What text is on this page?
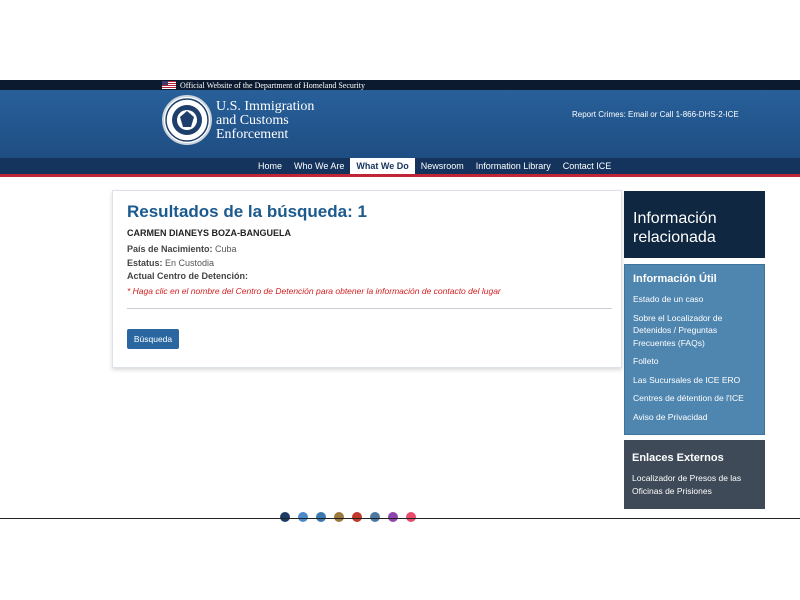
Official Website of the Department of Homeland Security
U.S. Immigration
and Customs
Enforcement
Report Crimes: Email or Call 1-866-DHS-2-ICE
Home	Who We Are	What We Do	Newsroom	Information Library	Contact ICE
Resultados de la búsqueda: 1
CARMEN DIANEYS BOZA-BANGUELA
País de Nacimiento: Cuba
Estatus: En Custodia
Actual Centro de Detención:
* Haga clic en el nombre del Centro de Detención para obtener la información de contacto del lugar
Búsqueda
Información
relacionada
Información Útil
Estado de un caso
Sobre el Localizador de Detenidos / Preguntas Frecuentes (FAQs)
Folleto
Las Sucursales de ICE ERO
Centres de détention de l'ICE
Aviso de Privacidad
Enlaces Externos
Localizador de Presos de las Oficinas de Prisiones
